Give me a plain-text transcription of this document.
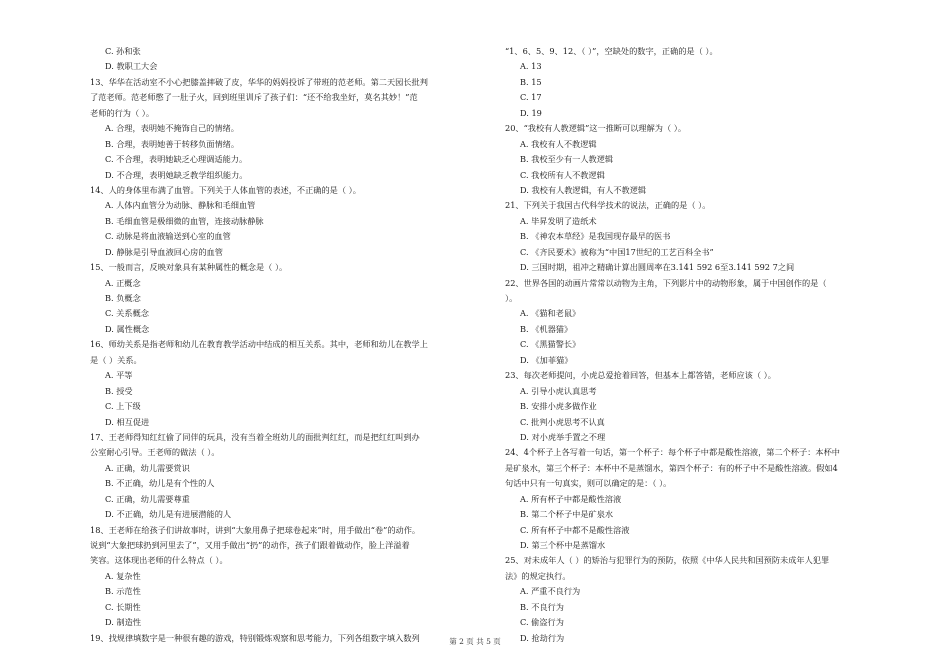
C. 孙和张
D. 教职工大会
13、华华在活动室不小心把膝盖摔破了皮，华华的妈妈投诉了带班的范老师。第二天园长批判
了范老师。范老师憋了一肚子火，回到班里训斥了孩子们：“还不给我坐好，莫名其妙！”范
老师的行为（ ）。
A. 合理，表明她不掩饰自己的情绪。
B. 合理，表明她善于转移负面情绪。
C. 不合理，表明她缺乏心理调适能力。
D. 不合理，表明她缺乏教学组织能力。
14、人的身体里布满了血管。下列关于人体血管的表述，不正确的是（ ）。
A. 人体内血管分为动脉、静脉和毛细血管
B. 毛细血管是极细微的血管，连接动脉静脉
C. 动脉是将血液输送到心室的血管
D. 静脉是引导血液回心房的血管
15、一般而言，反映对象具有某种属性的概念是（ ）。
A. 正概念
B. 负概念
C. 关系概念
D. 属性概念
16、师幼关系是指老师和幼儿在教育教学活动中结成的相互关系。其中，老师和幼儿在教学上
是（ ）关系。
A. 平等
B. 授受
C. 上下级
D. 相互促进
17、王老师得知红红偷了同伴的玩具，没有当着全班幼儿的面批判红红，而是把红红叫到办
公室耐心引导。王老师的做法（ ）。
A. 正确，幼儿需要赏识
B. 不正确，幼儿是有个性的人
C. 正确，幼儿需要尊重
D. 不正确，幼儿是有进展潜能的人
18、王老师在给孩子们讲故事时，讲到“大象用鼻子把球卷起来”时，用手做出“卷”的动作。
说到“大象把球扔到河里去了”，又用手做出“扔”的动作，孩子们跟着做动作，脸上洋溢着
笑容。这体现出老师的什么特点（ ）。
A. 复杂性
B. 示范性
C. 长期性
D. 制造性
19、找规律填数字是一种很有趣的游戏，特别锻炼观察和思考能力，下列各组数字填入数列
“1、6、5、9、12、（ ）”，空缺处的数字，正确的是（ ）。
A. 13
B. 15
C. 17
D. 19
20、“我校有人教逻辑”这一推断可以理解为（ ）。
A. 我校有人不教逻辑
B. 我校至少有一人教逻辑
C. 我校所有人不教逻辑
D. 我校有人教逻辑，有人不教逻辑
21、下列关于我国古代科学技术的说法，正确的是（ ）。
A. 毕昇发明了造纸术
B. 《神农本草经》是我国现存最早的医书
C. 《齐民要术》被称为“中国17世纪的工艺百科全书”
D. 三国时期，祖冲之精确计算出圆周率在3.141 592 6至3.141 592 7之间
22、世界各国的动画片常常以动物为主角，下列影片中的动物形象，属于中国创作的是（
）。
A. 《猫和老鼠》
B. 《机器猫》
C. 《黑猫警长》
D. 《加菲猫》
23、每次老师提问，小虎总爱抢着回答，但基本上都答错，老师应该（ ）。
A. 引导小虎认真思考
B. 安排小虎多做作业
C. 批判小虎思考不认真
D. 对小虎举手置之不理
24、4个杯子上各写着一句话，第一个杯子：每个杯子中都是酸性溶液，第二个杯子：本杯中
是矿泉水，第三个杯子：本杯中不是蒸馏水，第四个杯子：有的杯子中不是酸性溶液。假如4
句话中只有一句真实，则可以确定的是：（ ）。
A. 所有杯子中都是酸性溶液
B. 第二个杯子中是矿泉水
C. 所有杯子中都不是酸性溶液
D. 第三个杯中是蒸馏水
25、对未成年人（ ）的矫治与犯罪行为的预防，依照《中华人民共和国预防未成年人犯罪
法》的规定执行。
A. 严重不良行为
B. 不良行为
C. 偷盗行为
D. 抢劫行为
第 2 页 共 5 页
